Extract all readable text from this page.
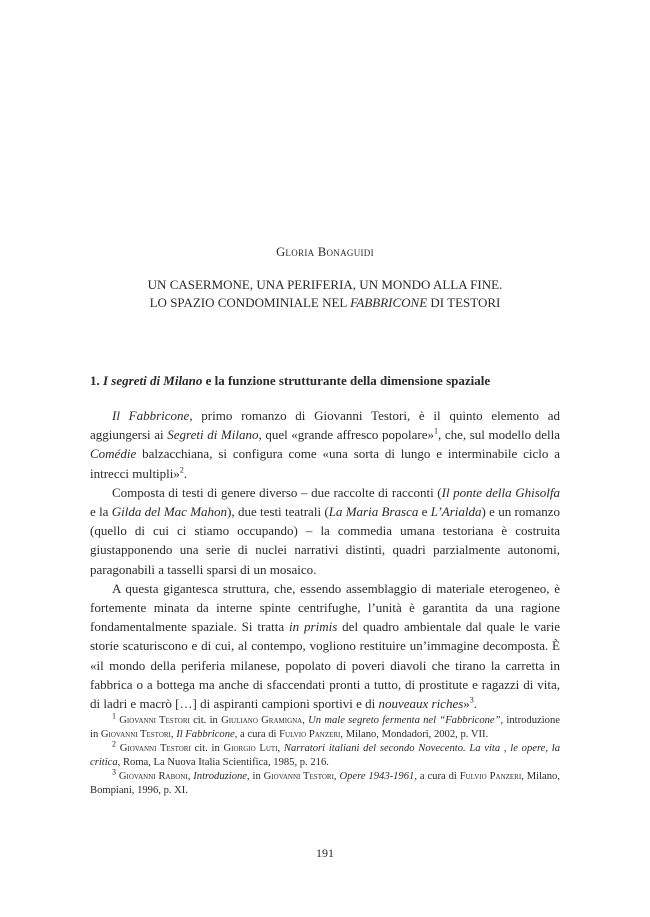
Gloria Bonaguidi
UN CASERMONE, UNA PERIFERIA, UN MONDO ALLA FINE.
LO SPAZIO CONDOMINIALE NEL FABBRICONE DI TESTORI
1. I segreti di Milano e la funzione strutturante della dimensione spaziale

Il Fabbricone, primo romanzo di Giovanni Testori, è il quinto elemento ad aggiungersi ai Segreti di Milano, quel «grande affresco popolare»$^1$, che, sul modello della Comédie balzacchiana, si configura come «una sorta di lungo e interminabile ciclo a intrecci multipli»$^2$.

Composta di testi di genere diverso – due raccolte di racconti (Il ponte della Ghisolfa e la Gilda del Mac Mahon), due testi teatrali (La Maria Brasca e L’Arialda) e un romanzo (quello di cui ci stiamo occupando) – la commedia umana testoriana è costruita giustapponendo una serie di nuclei narrativi distinti, quadri parzialmente autonomi, paragonabili a tasselli sparsi di un mosaico.

A questa gigantesca struttura, che, essendo assemblaggio di materiale eterogeneo, è fortemente minata da interne spinte centrifughe, l’unità è garantita da una ragione fondamentalmente spaziale. Si tratta in primis del quadro ambientale dal quale le varie storie scaturiscono e di cui, al contempo, vogliono restituire un’immagine decomposta. È «il mondo della periferia milanese, popolato di poveri diavoli che tirano la carretta in fabbrica o a bottega ma anche di sfaccendati pronti a tutto, di prostitute e ragazzi di vita, di ladri e macrò […] di aspiranti campioni sportivi e di nouveaux riches»$^3$.

$^1$ Giovanni Testori cit. in Giuliano Gramigna, Un male segreto fermenta nel “Fabbricone”, introduzione in Giovanni Testori, Il Fabbricone, a cura di Fulvio Panzeri, Milano, Mondadori, 2002, p. VII.

$^2$ Giovanni Testori cit. in Giorgio Luti, Narratori italiani del secondo Novecento. La vita , le opere, la critica, Roma, La Nuova Italia Scientifica, 1985, p. 216.

$^3$ Giovanni Raboni, Introduzione, in Giovanni Testori, Opere 1943-1961, a cura di Fulvio Panzeri, Milano, Bompiani, 1996, p. XI.

191
